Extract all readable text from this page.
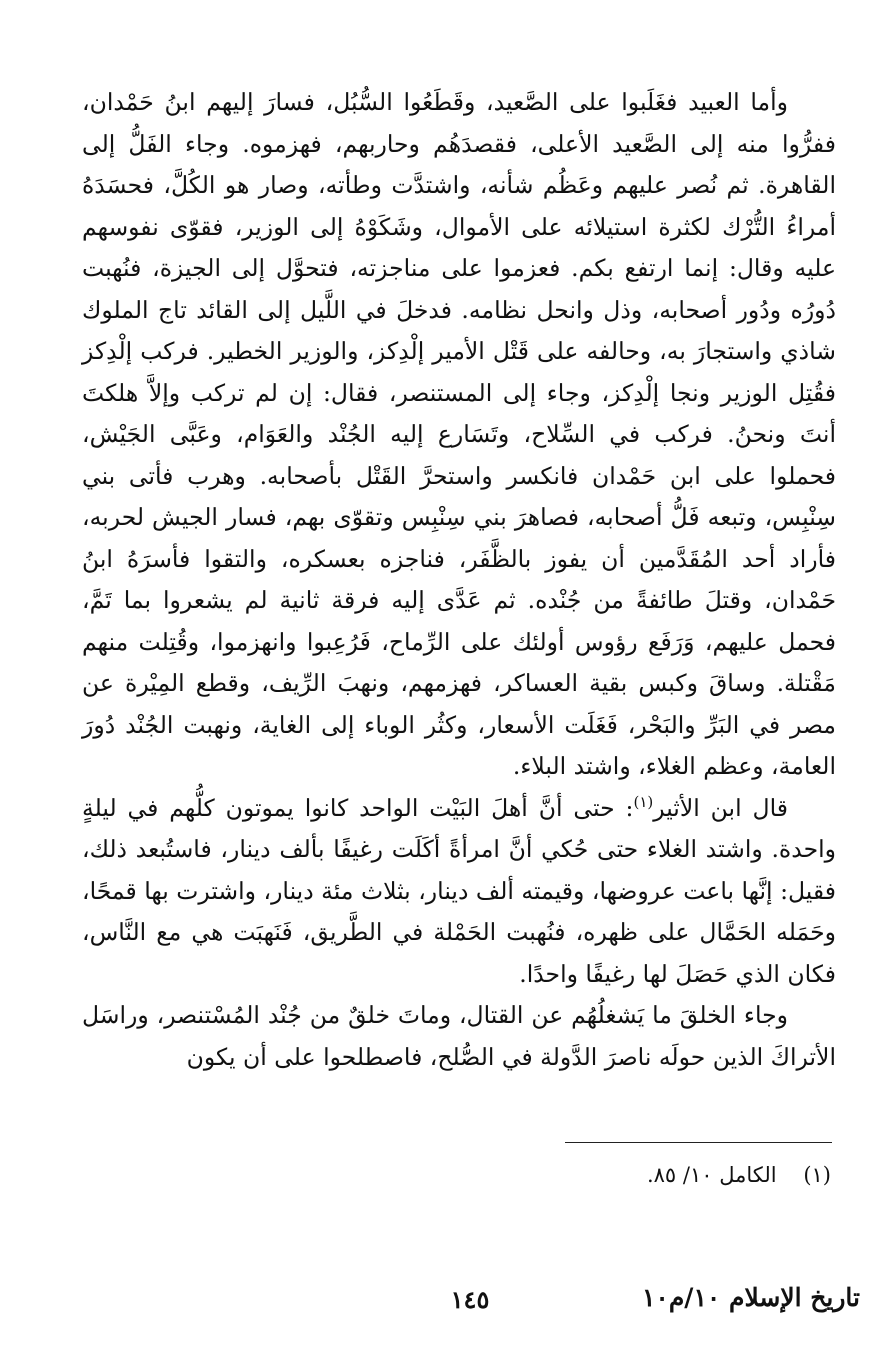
وأما العبيد فغَلَبوا على الصَّعيد، وقَطَعُوا السُّبُل، فسارَ إليهم ابنُ حَمْدان، ففرُّوا منه إلى الصَّعيد الأعلى، فقصدَهُم وحاربهم، فهزموه. وجاء الفَلُّ إلى القاهرة. ثم نُصر عليهم وعَظُم شأنه، واشتدَّت وطأته، وصار هو الكُلَّ، فحسَدَهُ أمراءُ التُّرْك لكثرة استيلائه على الأموال، وشَكَوْهُ إلى الوزير، فقوّى نفوسهم عليه وقال: إنما ارتفع بكم. فعزموا على مناجزته، فتحوَّل إلى الجيزة، فنُهبت دُورُه ودُور أصحابه، وذل وانحل نظامه. فدخلَ في اللَّيل إلى القائد تاج الملوك شاذي واستجارَ به، وحالفه على قَتْل الأمير إلْدِكز، والوزير الخطير. فركب إلْدِكز فقُتِل الوزير ونجا إلْدِكز، وجاء إلى المستنصر، فقال: إن لم تركب وإلاَّ هلكتَ أنتَ ونحنُ. فركب في السِّلاح، وتَسَارع إليه الجُنْد والعَوَام، وعَبَّى الجَيْش، فحملوا على ابن حَمْدان فانكسر واستحرَّ القَتْل بأصحابه. وهرب فأتى بني سِنْبِس، وتبعه فَلُّ أصحابه، فصاهرَ بني سِنْبِس وتقوّى بهم، فسار الجيش لحربه، فأراد أحد المُقَدَّمين أن يفوز بالظَّفَر، فناجزه بعسكره، والتقوا فأسرَهُ ابنُ حَمْدان، وقتلَ طائفةً من جُنْده. ثم عَدَّى إليه فرقة ثانية لم يشعروا بما تَمَّ، فحمل عليهم، وَرَفَع رؤوس أولئك على الرِّماح، فَرُعِبوا وانهزموا، وقُتِلت منهم مَقْتلة. وساقَ وكبس بقية العساكر، فهزمهم، ونهبَ الرِّيف، وقطع المِيْرة عن مصر في البَرِّ والبَحْر، فَغَلَت الأسعار، وكثُر الوباء إلى الغاية، ونهبت الجُنْد دُورَ العامة، وعظم الغلاء، واشتد البلاء.

قال ابن الأثير$^{(١)}$: حتى أنَّ أهلَ البَيْت الواحد كانوا يموتون كلُّهم في ليلةٍ واحدة. واشتد الغلاء حتى حُكي أنَّ امرأةً أكَلَت رغيفًا بألف دينار، فاستُبعد ذلك، فقيل: إنَّها باعت عروضها، وقيمته ألف دينار، بثلاث مئة دينار، واشترت بها قمحًا، وحَمَله الحَمَّال على ظهره، فنُهبت الحَمْلة في الطَّريق، فَنَهبَت هي مع النَّاس، فكان الذي حَصَلَ لها رغيفًا واحدًا.

وجاء الخلقَ ما يَشغلُهُم عن القتال، وماتَ خلقٌ من جُنْد المُسْتنصر، وراسَل الأتراكَ الذين حولَه ناصرَ الدَّولة في الصُّلح، فاصطلحوا على أن يكون

(١)    الكامل ١٠/ ٨٥.
١٤٥	تاريخ الإسلام ١٠/م١٠
